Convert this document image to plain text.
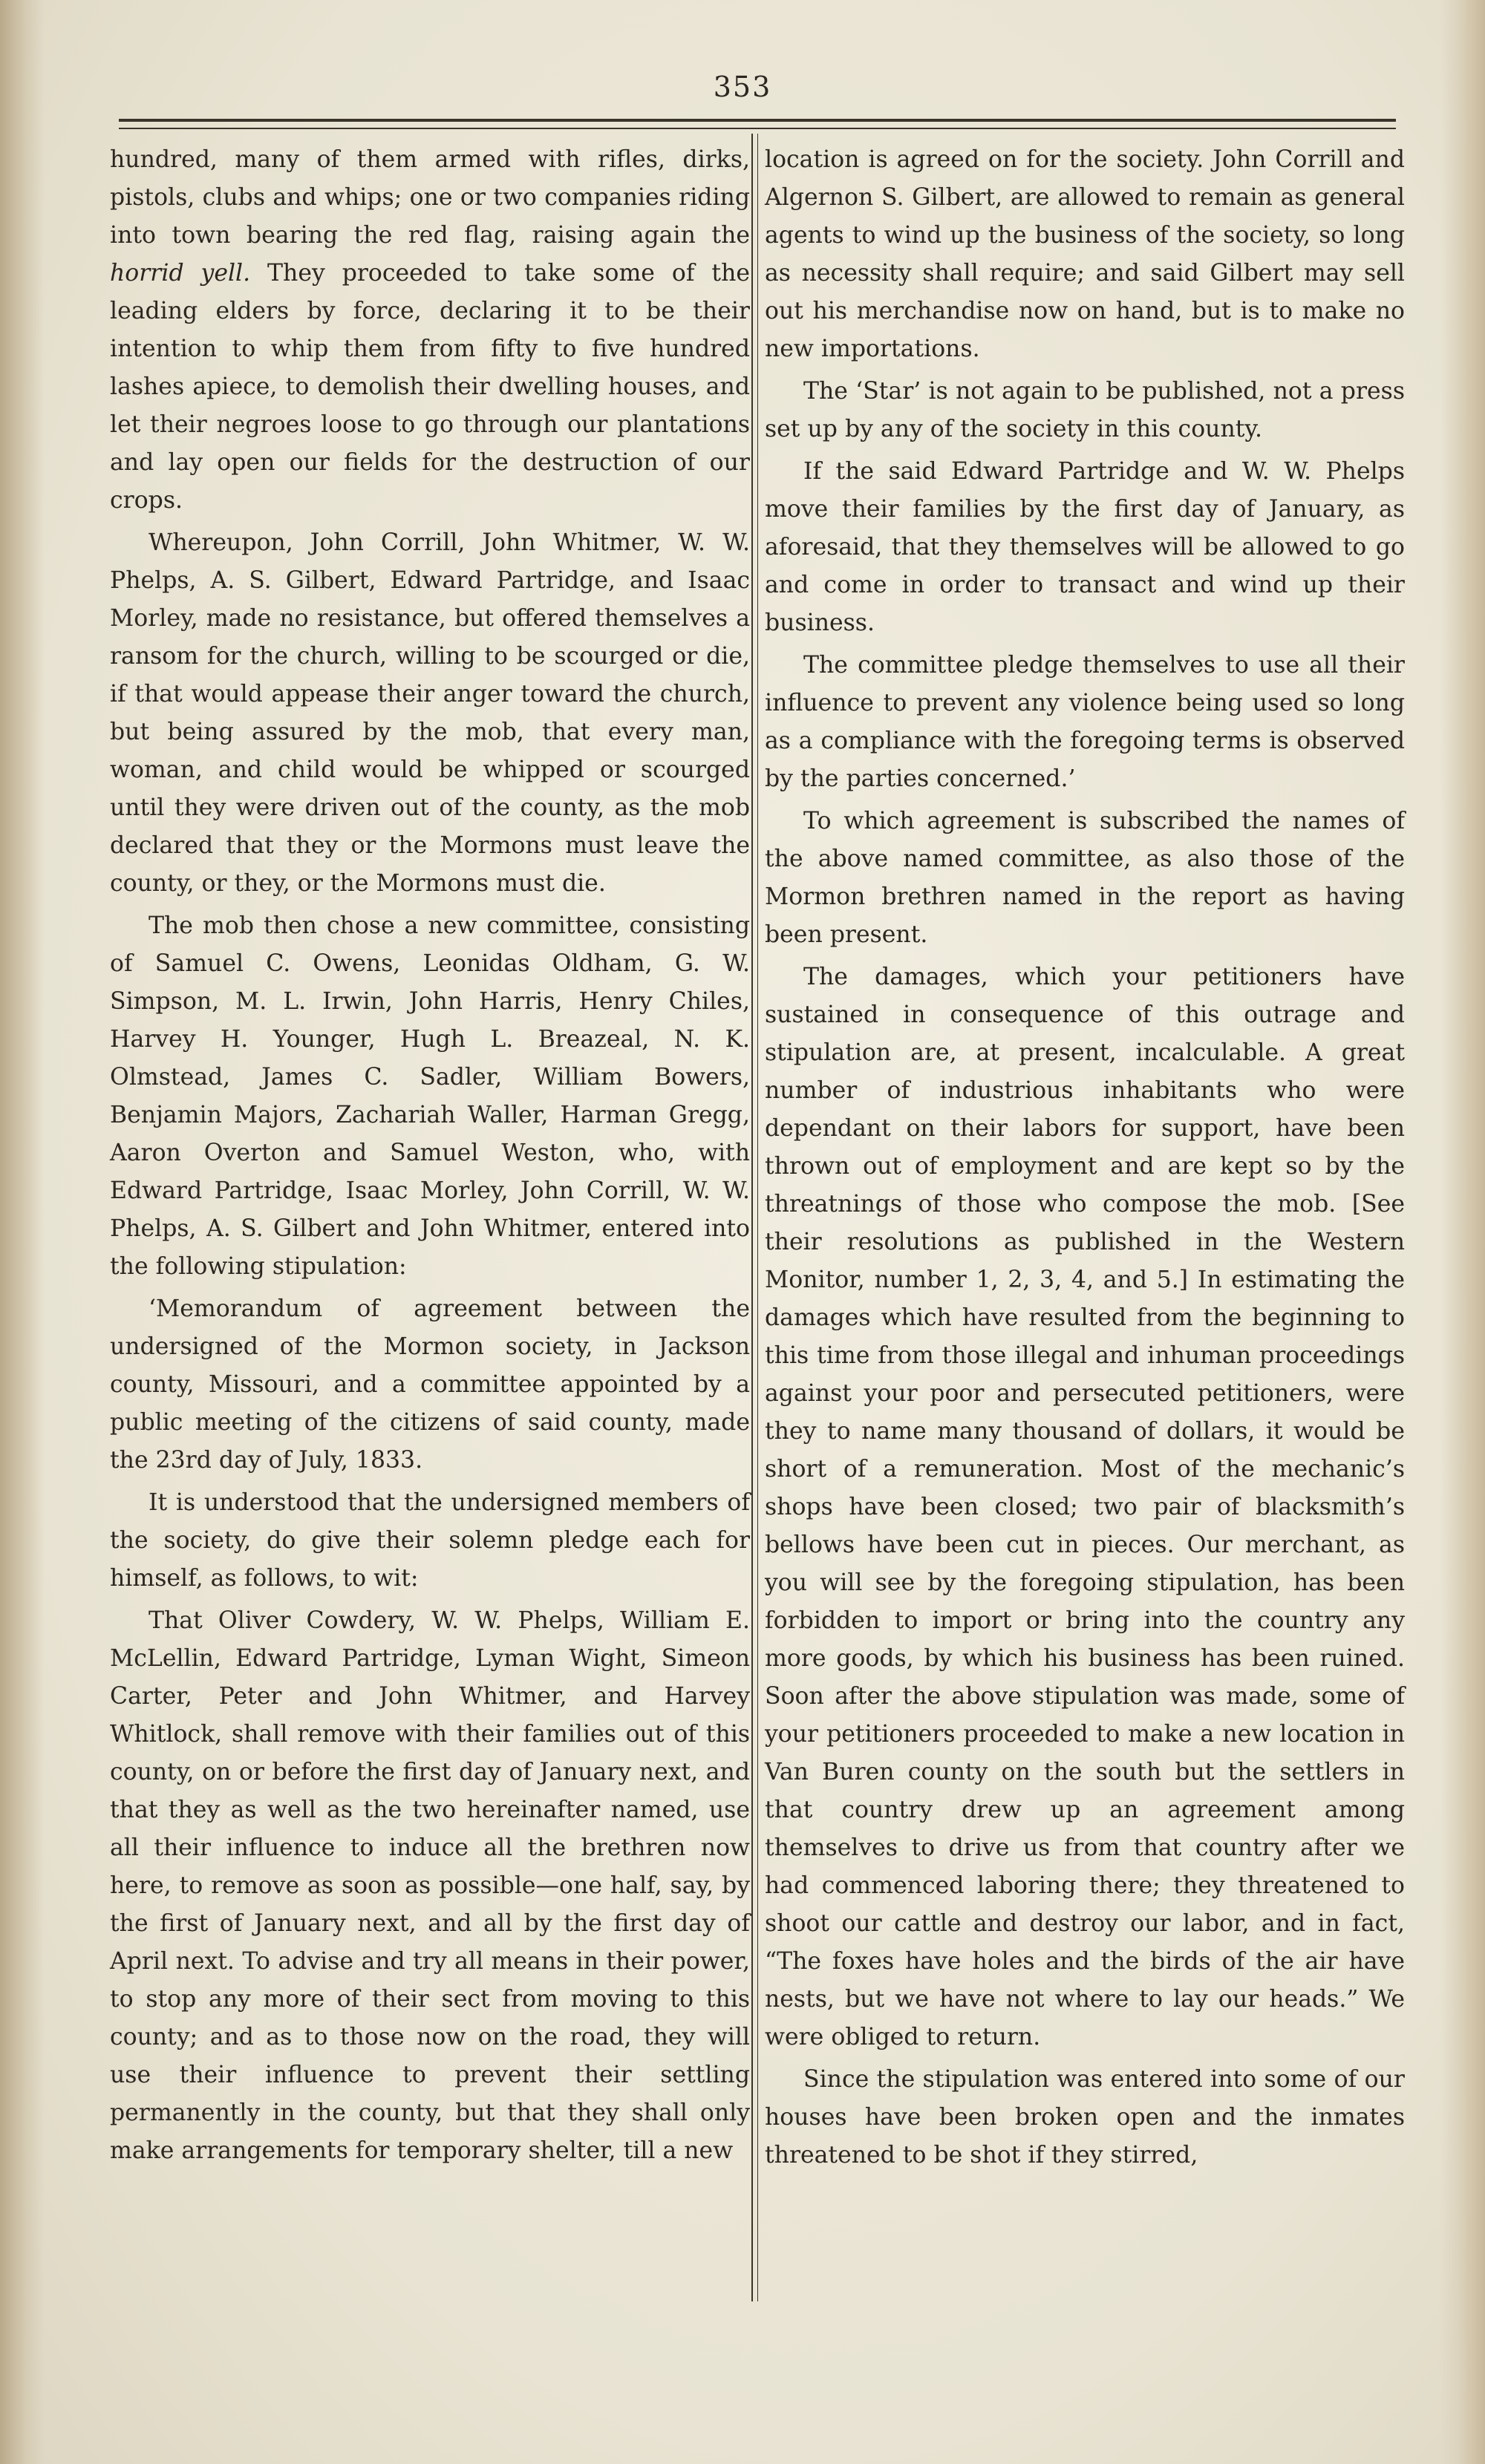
353

hundred, many of them armed with rifles, dirks, pistols, clubs and whips; one or two companies riding into town bearing the red flag, raising again the horrid yell. They proceeded to take some of the leading elders by force, declaring it to be their intention to whip them from fifty to five hundred lashes apiece, to demolish their dwelling houses, and let their negroes loose to go through our plantations and lay open our fields for the destruction of our crops.

Whereupon, John Corrill, John Whitmer, W. W. Phelps, A. S. Gilbert, Edward Partridge, and Isaac Morley, made no resistance, but offered themselves a ransom for the church, willing to be scourged or die, if that would appease their anger toward the church, but being assured by the mob, that every man, woman, and child would be whipped or scourged until they were driven out of the county, as the mob declared that they or the Mormons must leave the county, or they, or the Mormons must die.

The mob then chose a new committee, consisting of Samuel C. Owens, Leonidas Oldham, G. W. Simpson, M. L. Irwin, John Harris, Henry Chiles, Harvey H. Younger, Hugh L. Breazeal, N. K. Olmstead, James C. Sadler, William Bowers, Benjamin Majors, Zachariah Waller, Harman Gregg, Aaron Overton and Samuel Weston, who, with Edward Partridge, Isaac Morley, John Corrill, W. W. Phelps, A. S. Gilbert and John Whitmer, entered into the following stipulation:

‘Memorandum of agreement between the undersigned of the Mormon society, in Jackson county, Missouri, and a committee appointed by a public meeting of the citizens of said county, made the 23rd day of July, 1833.

It is understood that the undersigned members of the society, do give their solemn pledge each for himself, as follows, to wit:

That Oliver Cowdery, W. W. Phelps, William E. McLellin, Edward Partridge, Lyman Wight, Simeon Carter, Peter and John Whitmer, and Harvey Whitlock, shall remove with their families out of this county, on or before the first day of January next, and that they as well as the two hereinafter named, use all their influence to induce all the brethren now here, to remove as soon as possible—one half, say, by the first of January next, and all by the first day of April next. To advise and try all means in their power, to stop any more of their sect from moving to this county; and as to those now on the road, they will use their influence to prevent their settling permanently in the county, but that they shall only make arrangements for temporary shelter, till a new

location is agreed on for the society. John Corrill and Algernon S. Gilbert, are allowed to remain as general agents to wind up the business of the society, so long as necessity shall require; and said Gilbert may sell out his merchandise now on hand, but is to make no new importations.

The ‘Star’ is not again to be published, not a press set up by any of the society in this county.

If the said Edward Partridge and W. W. Phelps move their families by the first day of January, as aforesaid, that they themselves will be allowed to go and come in order to transact and wind up their business.

The committee pledge themselves to use all their influence to prevent any violence being used so long as a compliance with the foregoing terms is observed by the parties concerned.’

To which agreement is subscribed the names of the above named committee, as also those of the Mormon brethren named in the report as having been present.

The damages, which your petitioners have sustained in consequence of this outrage and stipulation are, at present, incalculable. A great number of industrious inhabitants who were dependant on their labors for support, have been thrown out of employment and are kept so by the threatnings of those who compose the mob. [See their resolutions as published in the Western Monitor, number 1, 2, 3, 4, and 5.] In estimating the damages which have resulted from the beginning to this time from those illegal and inhuman proceedings against your poor and persecuted petitioners, were they to name many thousand of dollars, it would be short of a remuneration. Most of the mechanic’s shops have been closed; two pair of blacksmith’s bellows have been cut in pieces. Our merchant, as you will see by the foregoing stipulation, has been forbidden to import or bring into the country any more goods, by which his business has been ruined. Soon after the above stipulation was made, some of your petitioners proceeded to make a new location in Van Buren county on the south but the settlers in that country drew up an agreement among themselves to drive us from that country after we had commenced laboring there; they threatened to shoot our cattle and destroy our labor, and in fact, “The foxes have holes and the birds of the air have nests, but we have not where to lay our heads.” We were obliged to return.

Since the stipulation was entered into some of our houses have been broken open and the inmates threatened to be shot if they stirred,
